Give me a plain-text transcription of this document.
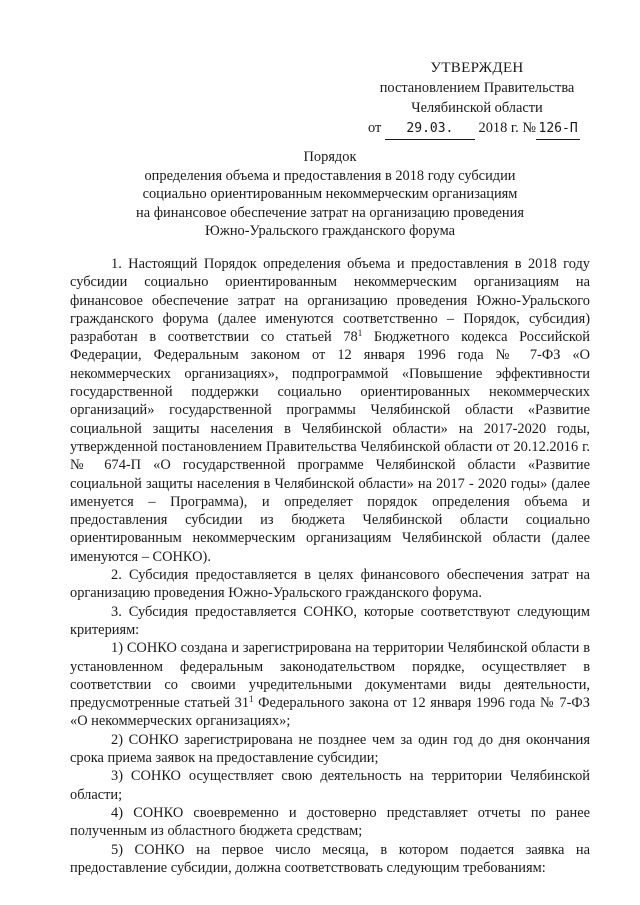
УТВЕРЖДЕН
постановлением Правительства
Челябинской области
от 29.03. 2018 г. № 126-П
Порядок
определения объема и предоставления в 2018 году субсидии
социально ориентированным некоммерческим организациям
на финансовое обеспечение затрат на организацию проведения
Южно-Уральского гражданского форума

1. Настоящий Порядок определения объема и предоставления в 2018 году субсидии социально ориентированным некоммерческим организациям на финансовое обеспечение затрат на организацию проведения Южно-Уральского гражданского форума (далее именуются соответственно – Порядок, субсидия) разработан в соответствии со статьей $78^1$ Бюджетного кодекса Российской Федерации, Федеральным законом от 12 января 1996 года № 7-ФЗ «О некоммерческих организациях», подпрограммой «Повышение эффективности государственной поддержки социально ориентированных некоммерческих организаций» государственной программы Челябинской области «Развитие социальной защиты населения в Челябинской области» на 2017-2020 годы, утвержденной постановлением Правительства Челябинской области от 20.12.2016 г. № 674-П «О государственной программе Челябинской области «Развитие социальной защиты населения в Челябинской области» на 2017 - 2020 годы» (далее именуется – Программа), и определяет порядок определения объема и предоставления субсидии из бюджета Челябинской области социально ориентированным некоммерческим организациям Челябинской области (далее именуются – СОНКО).

2. Субсидия предоставляется в целях финансового обеспечения затрат на организацию проведения Южно-Уральского гражданского форума.

3. Субсидия предоставляется СОНКО, которые соответствуют следующим критериям:

1) СОНКО создана и зарегистрирована на территории Челябинской области в установленном федеральным законодательством порядке, осуществляет в соответствии со своими учредительными документами виды деятельности, предусмотренные статьей $31^1$ Федерального закона от 12 января 1996 года № 7-ФЗ «О некоммерческих организациях»;

2) СОНКО зарегистрирована не позднее чем за один год до дня окончания срока приема заявок на предоставление субсидии;

3) СОНКО осуществляет свою деятельность на территории Челябинской области;

4) СОНКО своевременно и достоверно представляет отчеты по ранее полученным из областного бюджета средствам;

5) СОНКО на первое число месяца, в котором подается заявка на предоставление субсидии, должна соответствовать следующим требованиям:
